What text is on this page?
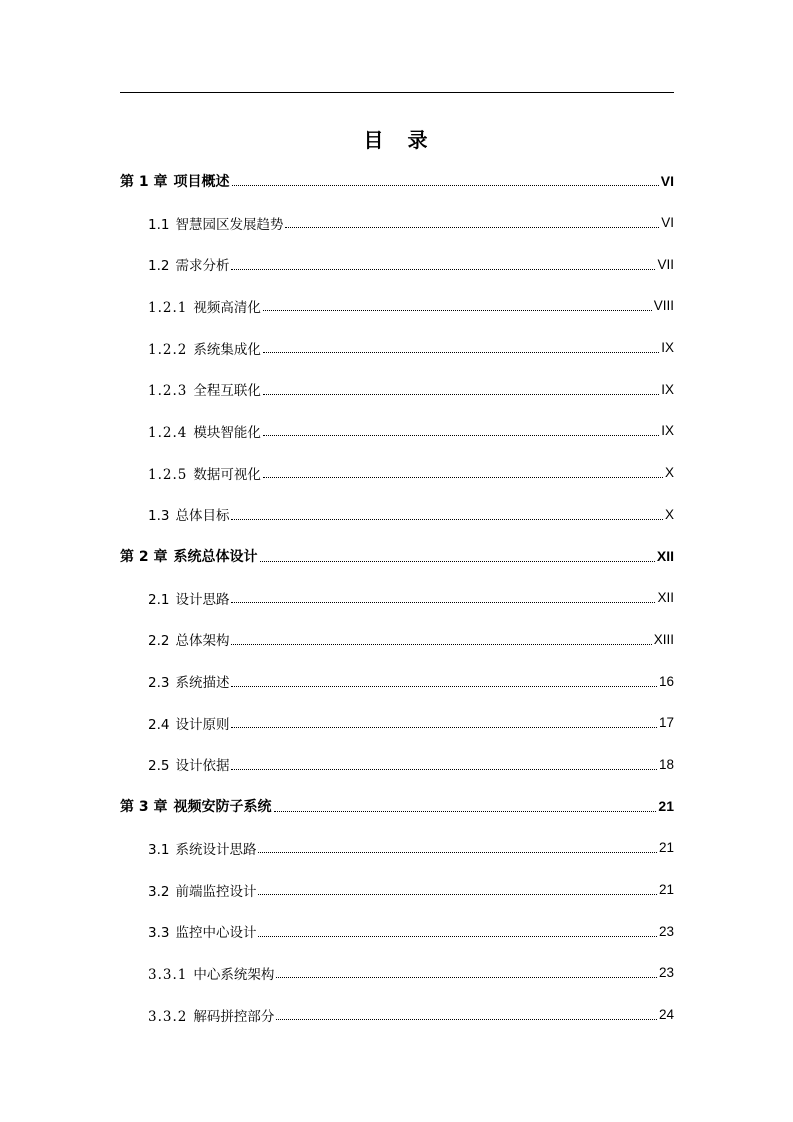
目 录
第 1 章 项目概述	VI
1.1 智慧园区发展趋势	VI
1.2 需求分析	VII
1.2.1 视频高清化	VIII
1.2.2 系统集成化	IX
1.2.3 全程互联化	IX
1.2.4 模块智能化	IX
1.2.5 数据可视化	X
1.3 总体目标	X
第 2 章 系统总体设计	XII
2.1 设计思路	XII
2.2 总体架构	XIII
2.3 系统描述	16
2.4 设计原则	17
2.5 设计依据	18
第 3 章 视频安防子系统	21
3.1 系统设计思路	21
3.2 前端监控设计	21
3.3 监控中心设计	23
3.3.1 中心系统架构	23
3.3.2 解码拼控部分	24
